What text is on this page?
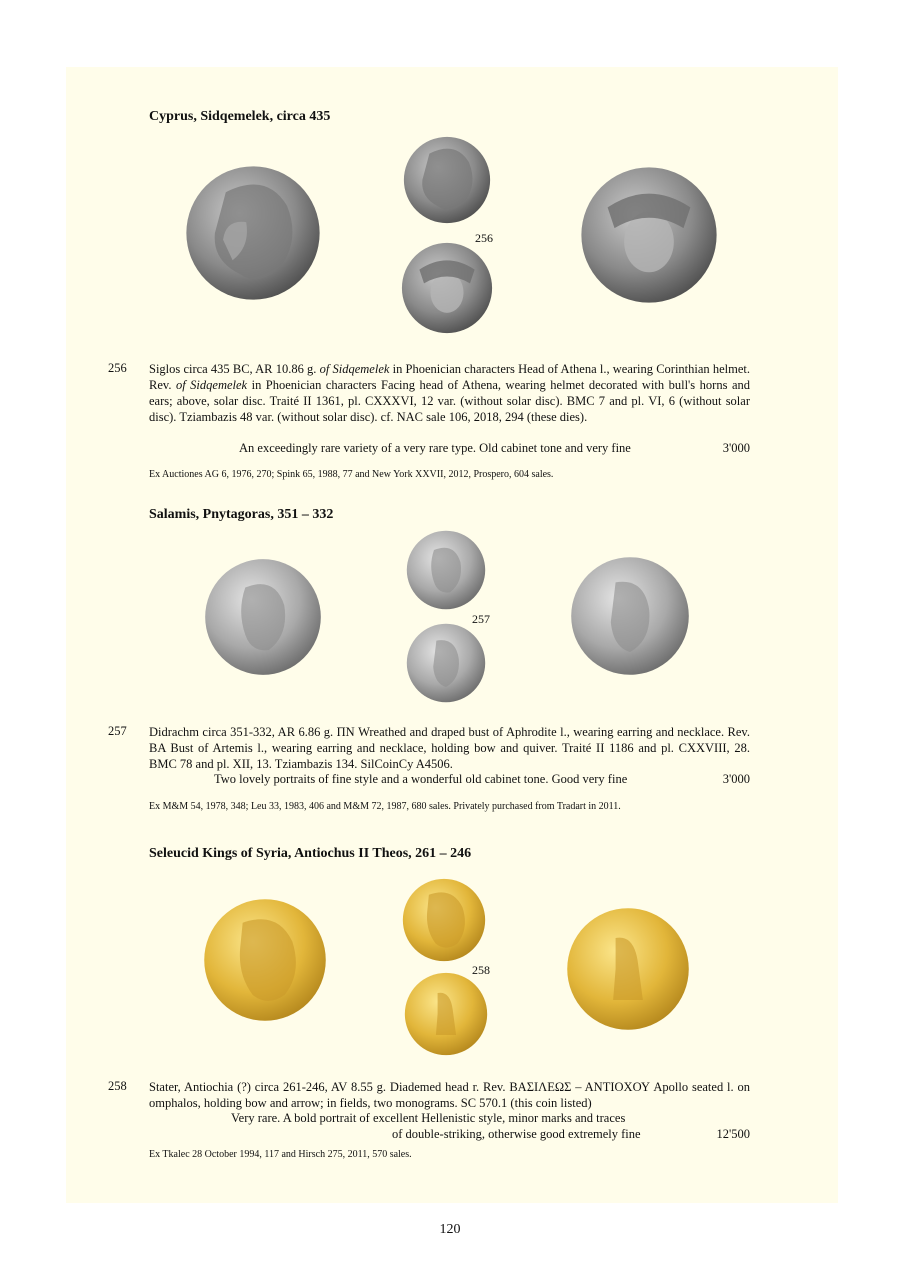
Cyprus, Sidqemelek, circa 435
256
256 Siglos circa 435 BC, AR 10.86 g. of Sidqemelek in Phoenician characters Head of Athena l., wearing Corinthian helmet. Rev. of Sidqemelek in Phoenician characters Facing head of Athena, wearing helmet decorated with bull's horns and ears; above, solar disc. Traité II 1361, pl. CXXXVI, 12 var. (without solar disc). BMC 7 and pl. VI, 6 (without solar disc). Tziambazis 48 var. (without solar disc). cf. NAC sale 106, 2018, 294 (these dies).
An exceedingly rare variety of a very rare type. Old cabinet tone and very fine	3'000
Ex Auctiones AG 6, 1976, 270; Spink 65, 1988, 77 and New York XXVII, 2012, Prospero, 604 sales.
Salamis, Pnytagoras, 351 – 332
257
257 Didrachm circa 351-332, AR 6.86 g. ΠΝ Wreathed and draped bust of Aphrodite l., wearing earring and necklace. Rev. BA Bust of Artemis l., wearing earring and necklace, holding bow and quiver. Traité II 1186 and pl. CXXVIII, 28. BMC 78 and pl. XII, 13. Tziambazis 134. SilCoinCy A4506.
Two lovely portraits of fine style and a wonderful old cabinet tone. Good very fine	3'000
Ex M&M 54, 1978, 348; Leu 33, 1983, 406 and M&M 72, 1987, 680 sales. Privately purchased from Tradart in 2011.
Seleucid Kings of Syria, Antiochus II Theos, 261 – 246
258
258 Stater, Antiochia (?) circa 261-246, AV 8.55 g. Diademed head r. Rev. ΒΑΣΙΛΕΩΣ – ΑΝΤΙΟΧΟΥ Apollo seated l. on omphalos, holding bow and arrow; in fields, two monograms. SC 570.1 (this coin listed)
Very rare. A bold portrait of excellent Hellenistic style, minor marks and traces
of double-striking, otherwise good extremely fine	12'500
Ex Tkalec 28 October 1994, 117 and Hirsch 275, 2011, 570 sales.
120
